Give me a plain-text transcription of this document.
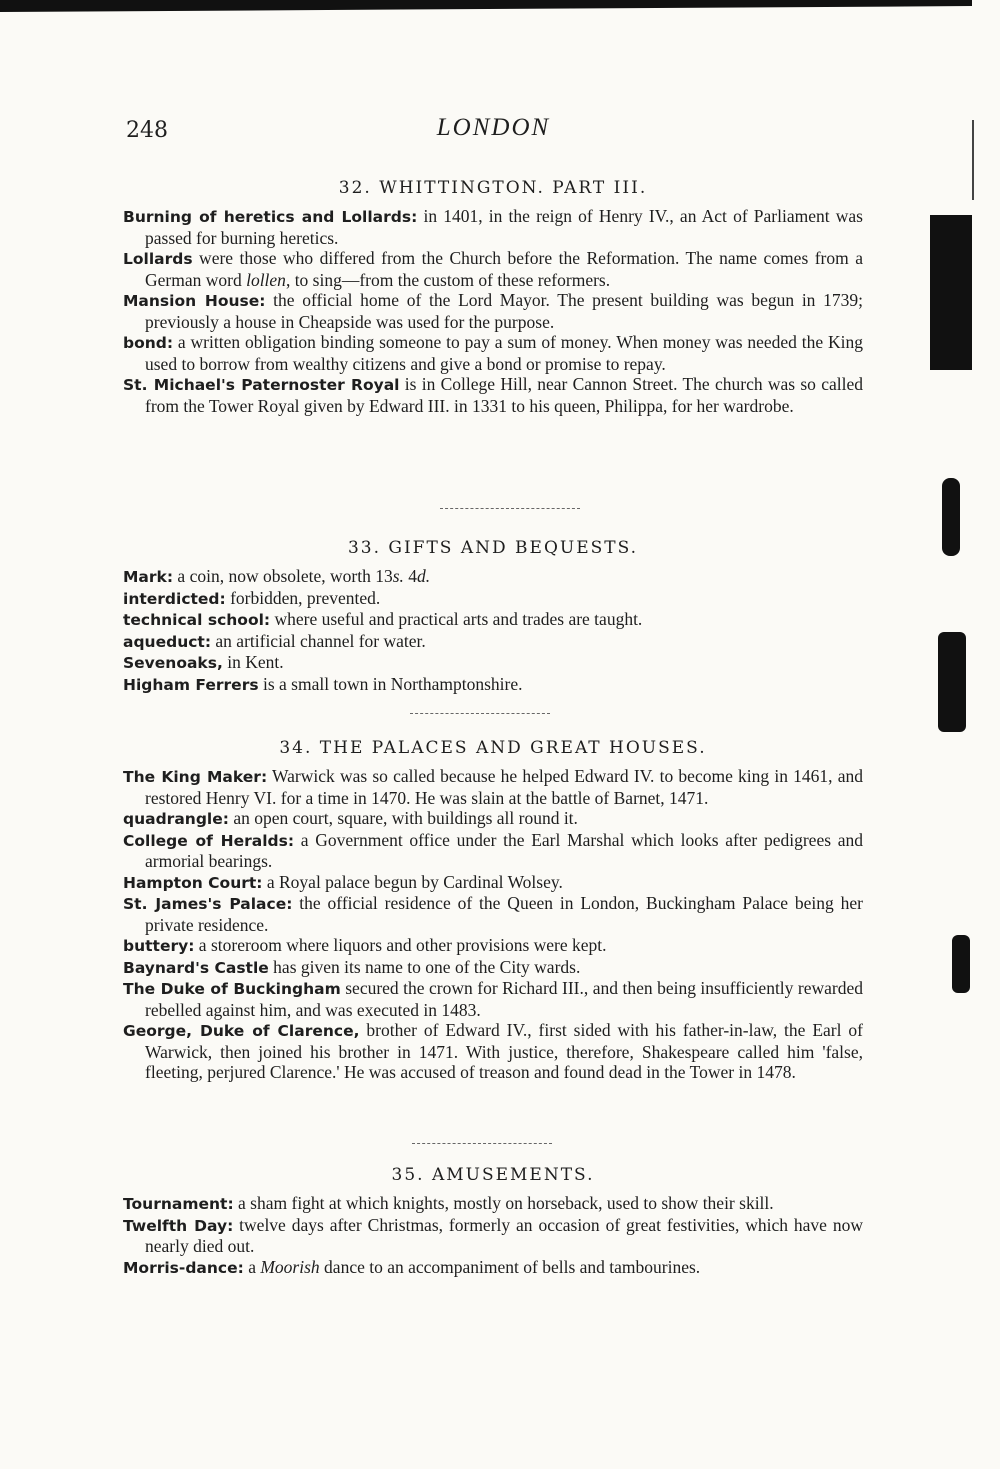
248	LONDON
32. WHITTINGTON. PART III.

Burning of heretics and Lollards: in 1401, in the reign of Henry IV., an Act of Parliament was passed for burning heretics.

Lollards were those who differed from the Church before the Reformation. The name comes from a German word lollen, to sing—from the custom of these reformers.

Mansion House: the official home of the Lord Mayor. The present building was begun in 1739; previously a house in Cheapside was used for the purpose.

bond: a written obligation binding someone to pay a sum of money. When money was needed the King used to borrow from wealthy citizens and give a bond or promise to repay.

St. Michael's Paternoster Royal is in College Hill, near Cannon Street. The church was so called from the Tower Royal given by Edward III. in 1331 to his queen, Philippa, for her wardrobe.

33. GIFTS AND BEQUESTS.

Mark: a coin, now obsolete, worth 13s. 4d.

interdicted: forbidden, prevented.

technical school: where useful and practical arts and trades are taught.

aqueduct: an artificial channel for water.

Sevenoaks, in Kent.

Higham Ferrers is a small town in Northamptonshire.

34. THE PALACES AND GREAT HOUSES.

The King Maker: Warwick was so called because he helped Edward IV. to become king in 1461, and restored Henry VI. for a time in 1470. He was slain at the battle of Barnet, 1471.

quadrangle: an open court, square, with buildings all round it.

College of Heralds: a Government office under the Earl Marshal which looks after pedigrees and armorial bearings.

Hampton Court: a Royal palace begun by Cardinal Wolsey.

St. James's Palace: the official residence of the Queen in London, Buckingham Palace being her private residence.

buttery: a storeroom where liquors and other provisions were kept.

Baynard's Castle has given its name to one of the City wards.

The Duke of Buckingham secured the crown for Richard III., and then being insufficiently rewarded rebelled against him, and was executed in 1483.

George, Duke of Clarence, brother of Edward IV., first sided with his father-in-law, the Earl of Warwick, then joined his brother in 1471. With justice, therefore, Shakespeare called him 'false, fleeting, perjured Clarence.' He was accused of treason and found dead in the Tower in 1478.

35. AMUSEMENTS.

Tournament: a sham fight at which knights, mostly on horseback, used to show their skill.

Twelfth Day: twelve days after Christmas, formerly an occasion of great festivities, which have now nearly died out.

Morris-dance: a Moorish dance to an accompaniment of bells and tambourines.
